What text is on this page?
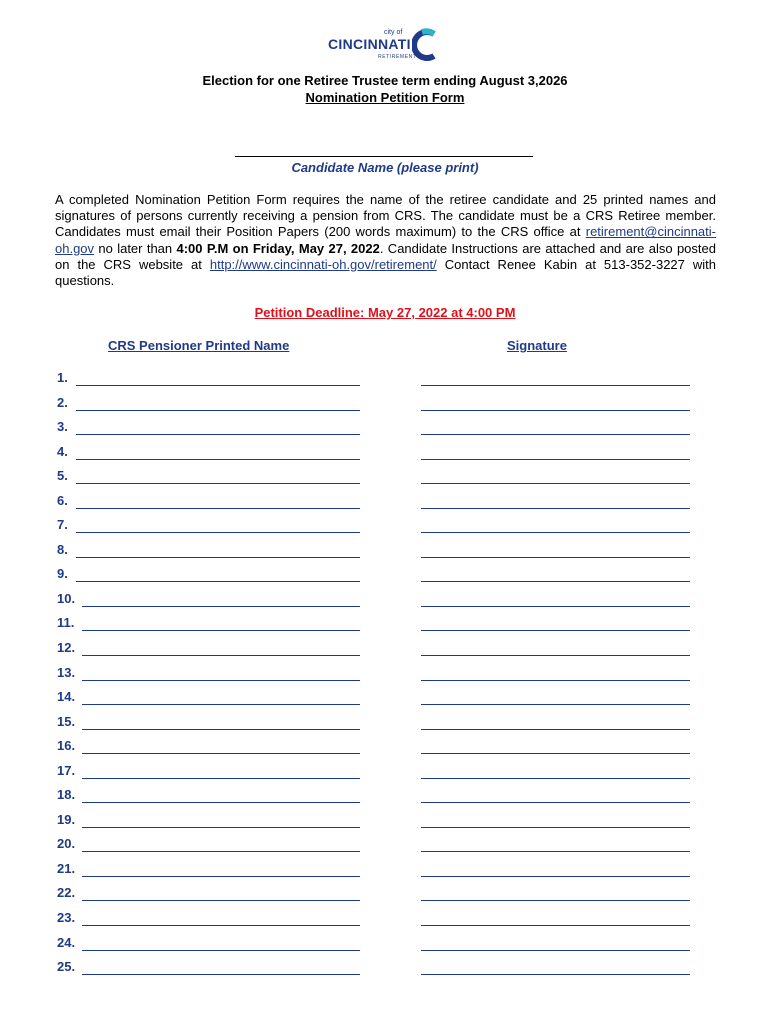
city of
CINCINNATI
RETIREMENT
Election for one Retiree Trustee term ending August 3,2026
Nomination Petition Form
Candidate Name (please print)
A completed Nomination Petition Form requires the name of the retiree candidate and 25 printed names and signatures of persons currently receiving a pension from CRS. The candidate must be a CRS Retiree member. Candidates must email their Position Papers (200 words maximum) to the CRS office at retirement@cincinnati-oh.gov no later than 4:00 P.M on Friday, May 27, 2022. Candidate Instructions are attached and are also posted on the CRS website at http://www.cincinnati-oh.gov/retirement/ Contact Renee Kabin at 513-352-3227 with questions.
Petition Deadline: May 27, 2022 at 4:00 PM
CRS Pensioner Printed Name	Signature
1.
2.
3.
4.
5.
6.
7.
8.
9.
10.
11.
12.
13.
14.
15.
16.
17.
18.
19.
20.
21.
22.
23.
24.
25.
